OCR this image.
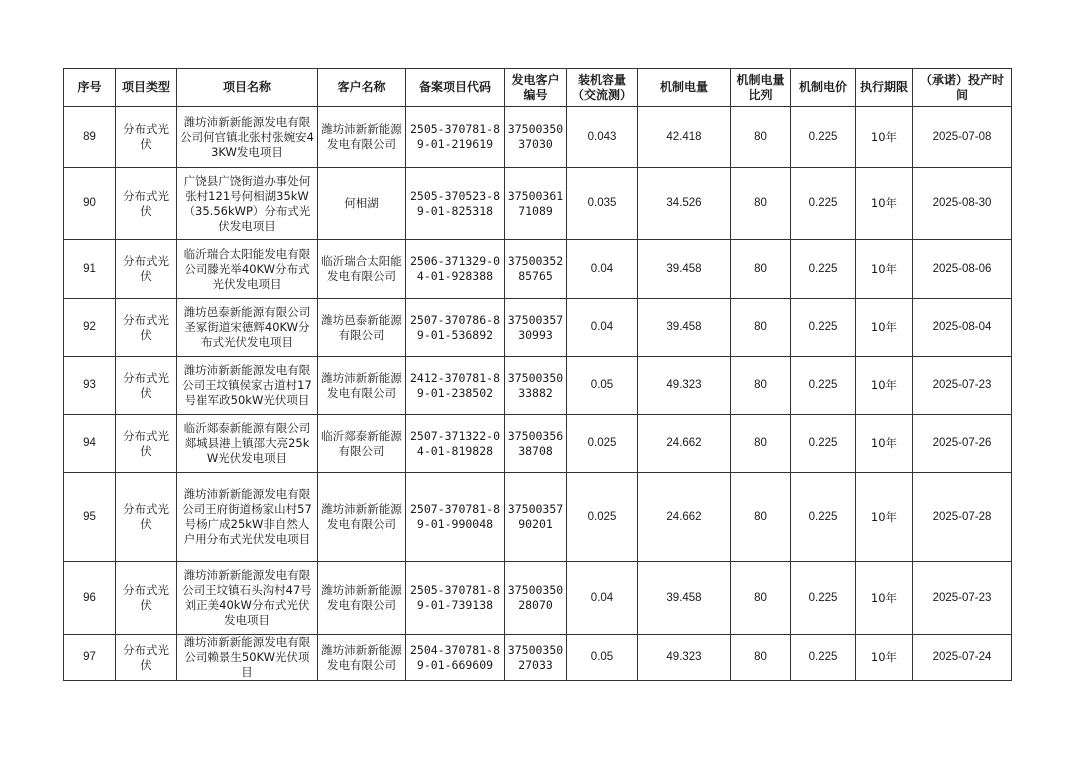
序号	项目类型	项目名称	客户名称	备案项目代码	发电客户编号	装机容量（交流测）	机制电量	机制电量比列	机制电价	执行期限	（承诺）投产时间
89	分布式光伏	潍坊沛新新能源发电有限公司何官镇北张村张婉安43KW发电项目	潍坊沛新新能源发电有限公司	2505-370781-89-01-219619	3750035037030	0.043	42.418	80	0.225	10年	2025-07-08
90	分布式光伏	广饶县广饶街道办事处何张村121号何相湖35kW（35.56kWP）分布式光伏发电项目	何相湖	2505-370523-89-01-825318	3750036171089	0.035	34.526	80	0.225	10年	2025-08-30
91	分布式光伏	临沂瑞合太阳能发电有限公司滕光举40KW分布式光伏发电项目	临沂瑞合太阳能发电有限公司	2506-371329-04-01-928388	3750035285765	0.04	39.458	80	0.225	10年	2025-08-06
92	分布式光伏	潍坊邑泰新能源有限公司圣冢街道宋德辉40KW分布式光伏发电项目	潍坊邑泰新能源有限公司	2507-370786-89-01-536892	3750035730993	0.04	39.458	80	0.225	10年	2025-08-04
93	分布式光伏	潍坊沛新新能源发电有限公司王坟镇侯家古道村17号崔军政50kW光伏项目	潍坊沛新新能源发电有限公司	2412-370781-89-01-238502	3750035033882	0.05	49.323	80	0.225	10年	2025-07-23
94	分布式光伏	临沂郯泰新能源有限公司郯城县港上镇邵大亮25kW光伏发电项目	临沂郯泰新能源有限公司	2507-371322-04-01-819828	3750035638708	0.025	24.662	80	0.225	10年	2025-07-26
95	分布式光伏	潍坊沛新新能源发电有限公司王府街道杨家山村57号杨广成25kW非自然人户用分布式光伏发电项目	潍坊沛新新能源发电有限公司	2507-370781-89-01-990048	3750035790201	0.025	24.662	80	0.225	10年	2025-07-28
96	分布式光伏	潍坊沛新新能源发电有限公司王坟镇石头沟村47号刘正美40kW分布式光伏发电项目	潍坊沛新新能源发电有限公司	2505-370781-89-01-739138	3750035028070	0.04	39.458	80	0.225	10年	2025-07-23
97	分布式光伏	潍坊沛新新能源发电有限公司赖景生50KW光伏项目	潍坊沛新新能源发电有限公司	2504-370781-89-01-669609	3750035027033	0.05	49.323	80	0.225	10年	2025-07-24
